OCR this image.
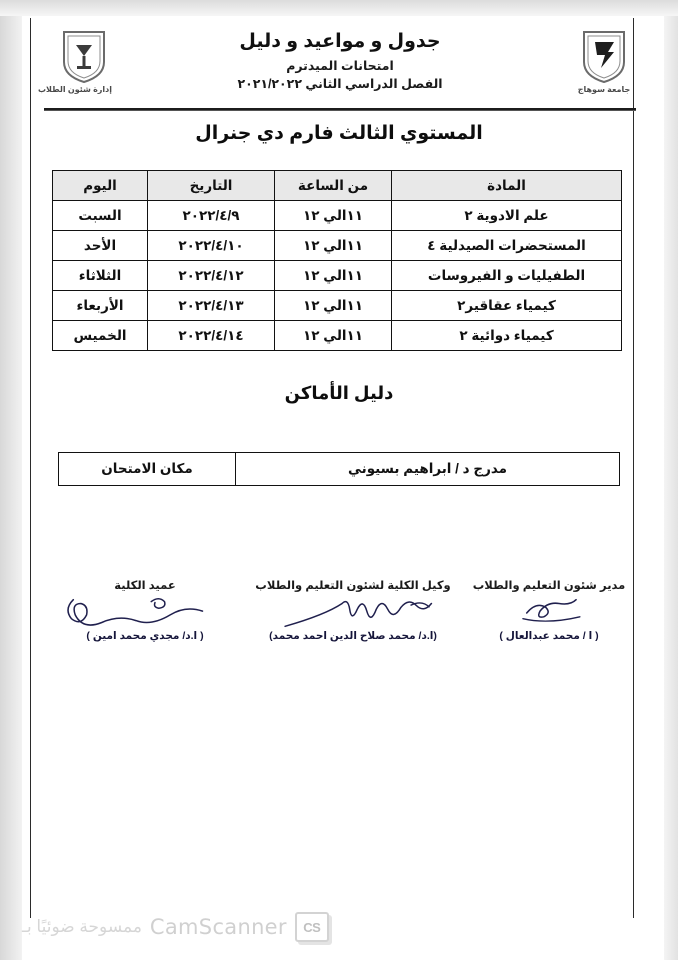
إدارة شئون الطلاب
جدول و مواعيد و دليل
امتحانات الميدترم
الفصل الدراسي الثاني ٢٠٢١/٢٠٢٢	جامعة سوهاج
المستوي الثالث فارم دي جنرال
المادة	من الساعة	التاريخ	اليوم
علم الادوية ٢	١١الي ١٢	٢٠٢٢/٤/٩	السبت
المستحضرات الصيدلية ٤	١١الي ١٢	٢٠٢٢/٤/١٠	الأحد
الطفيليات و الفيروسات	١١الي ١٢	٢٠٢٢/٤/١٢	الثلاثاء
كيمياء عقاقير٢	١١الي ١٢	٢٠٢٢/٤/١٣	الأربعاء
كيمياء دوائية ٢	١١الي ١٢	٢٠٢٢/٤/١٤	الخميس
دليل الأماكن
مدرج د / ابراهيم بسيوني	مكان الامتحان
عميد الكلية
( ا.د/ مجدي محمد امين )
وكيل الكلية لشئون التعليم والطلاب
(ا.د/ محمد صلاح الدين احمد محمد)
مدير شئون التعليم والطلاب
( ا / محمد عبدالعال )
CS
CamScanner
ممسوحة ضوئيًا بـ
